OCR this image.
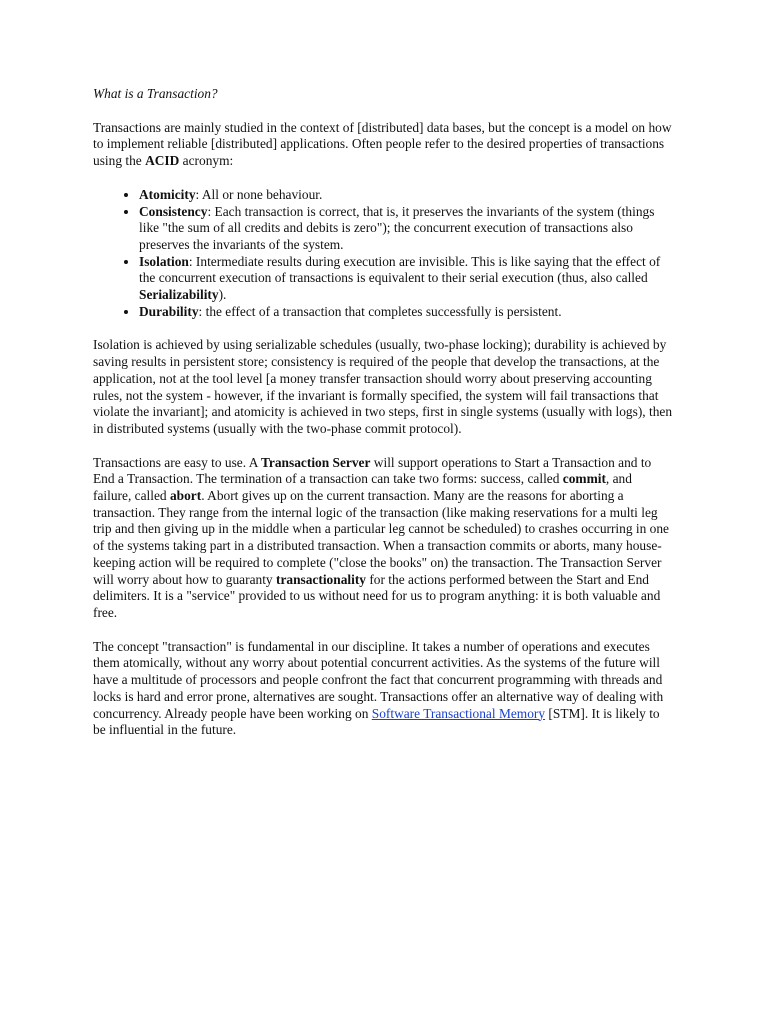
What is a Transaction?

Transactions are mainly studied in the context of [distributed] data bases, but the concept is a model on how to implement reliable [distributed] applications. Often people refer to the desired properties of transactions using the ACID acronym:

• Atomicity: All or none behaviour.
• Consistency: Each transaction is correct, that is, it preserves the invariants of the system (things like "the sum of all credits and debits is zero"); the concurrent execution of transactions also preserves the invariants of the system.
• Isolation: Intermediate results during execution are invisible. This is like saying that the effect of the concurrent execution of transactions is equivalent to their serial execution (thus, also called Serializability).
• Durability: the effect of a transaction that completes successfully is persistent.

Isolation is achieved by using serializable schedules (usually, two-phase locking); durability is achieved by saving results in persistent store; consistency is required of the people that develop the transactions, at the application, not at the tool level [a money transfer transaction should worry about preserving accounting rules, not the system - however, if the invariant is formally specified, the system will fail transactions that violate the invariant]; and atomicity is achieved in two steps, first in single systems (usually with logs), then in distributed systems (usually with the two-phase commit protocol).

Transactions are easy to use. A Transaction Server will support operations to Start a Transaction and to End a Transaction. The termination of a transaction can take two forms: success, called commit, and failure, called abort. Abort gives up on the current transaction. Many are the reasons for aborting a transaction. They range from the internal logic of the transaction (like making reservations for a multi leg trip and then giving up in the middle when a particular leg cannot be scheduled) to crashes occurring in one of the systems taking part in a distributed transaction. When a transaction commits or aborts, many house-keeping action will be required to complete ("close the books" on) the transaction. The Transaction Server will worry about how to guaranty transactionality for the actions performed between the Start and End delimiters. It is a "service" provided to us without need for us to program anything: it is both valuable and free.

The concept "transaction" is fundamental in our discipline. It takes a number of operations and executes them atomically, without any worry about potential concurrent activities. As the systems of the future will have a multitude of processors and people confront the fact that concurrent programming with threads and locks is hard and error prone, alternatives are sought. Transactions offer an alternative way of dealing with concurrency. Already people have been working on Software Transactional Memory [STM]. It is likely to be influential in the future.
